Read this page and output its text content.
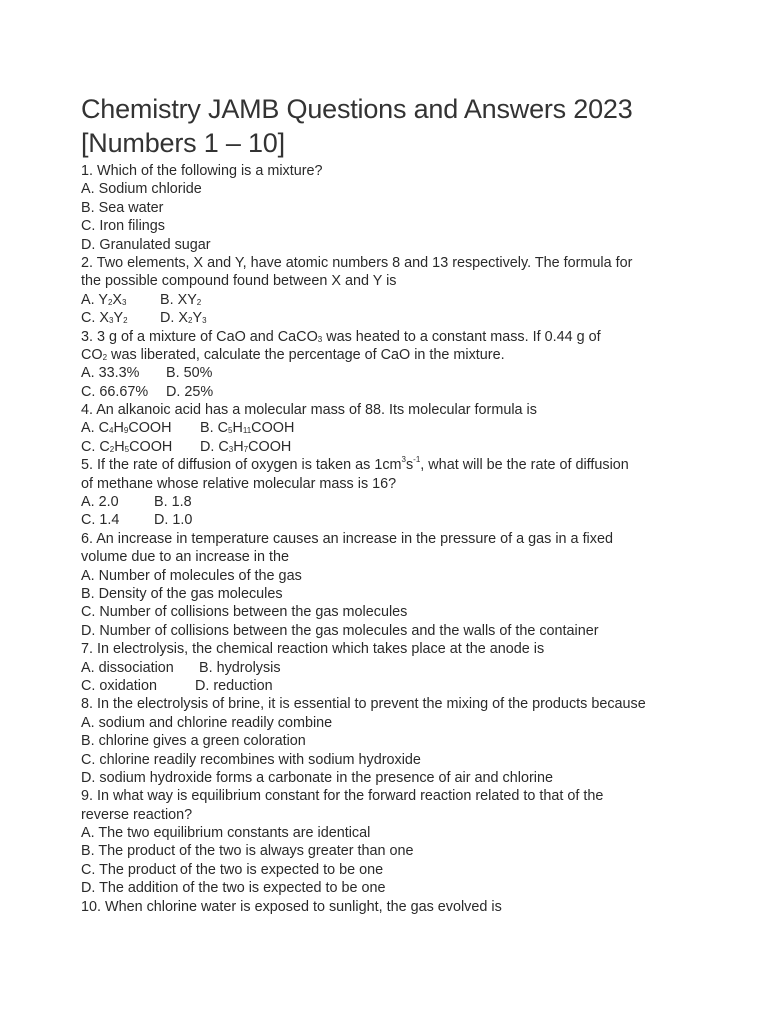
Chemistry JAMB Questions and Answers 2023
[Numbers 1 – 10]
1. Which of the following is a mixture?
A. Sodium chloride
B. Sea water
C. Iron filings
D. Granulated sugar
2. Two elements, X and Y, have atomic numbers 8 and 13 respectively. The formula for
the possible compound found between X and Y is
A. $Y_2X_3$ B. $XY_2$
C. $X_3Y_2$ D. $X_2Y_3$
3. 3 g of a mixture of CaO and CaCO$_3$ was heated to a constant mass. If 0.44 g of
$CO_2$ was liberated, calculate the percentage of CaO in the mixture.
A. 33.3% B. 50%
C. 66.67% D. 25%
4. An alkanoic acid has a molecular mass of 88. Its molecular formula is
A. $C_4H_9COOH$ B. $C_5H_{11}COOH$
C. $C_2H_5COOH$ D. $C_3H_7COOH$
5. If the rate of diffusion of oxygen is taken as $1cm^3s^{-1}$, what will be the rate of diffusion
of methane whose relative molecular mass is 16?
A. 2.0 B. 1.8
C. 1.4 D. 1.0
6. An increase in temperature causes an increase in the pressure of a gas in a fixed
volume due to an increase in the
A. Number of molecules of the gas
B. Density of the gas molecules
C. Number of collisions between the gas molecules
D. Number of collisions between the gas molecules and the walls of the container
7. In electrolysis, the chemical reaction which takes place at the anode is
A. dissociation B. hydrolysis
C. oxidation	D. reduction
8. In the electrolysis of brine, it is essential to prevent the mixing of the products because
A. sodium and chlorine readily combine
B. chlorine gives a green coloration
C. chlorine readily recombines with sodium hydroxide
D. sodium hydroxide forms a carbonate in the presence of air and chlorine
9. In what way is equilibrium constant for the forward reaction related to that of the
reverse reaction?
A. The two equilibrium constants are identical
B. The product of the two is always greater than one
C. The product of the two is expected to be one
D. The addition of the two is expected to be one
10. When chlorine water is exposed to sunlight, the gas evolved is
